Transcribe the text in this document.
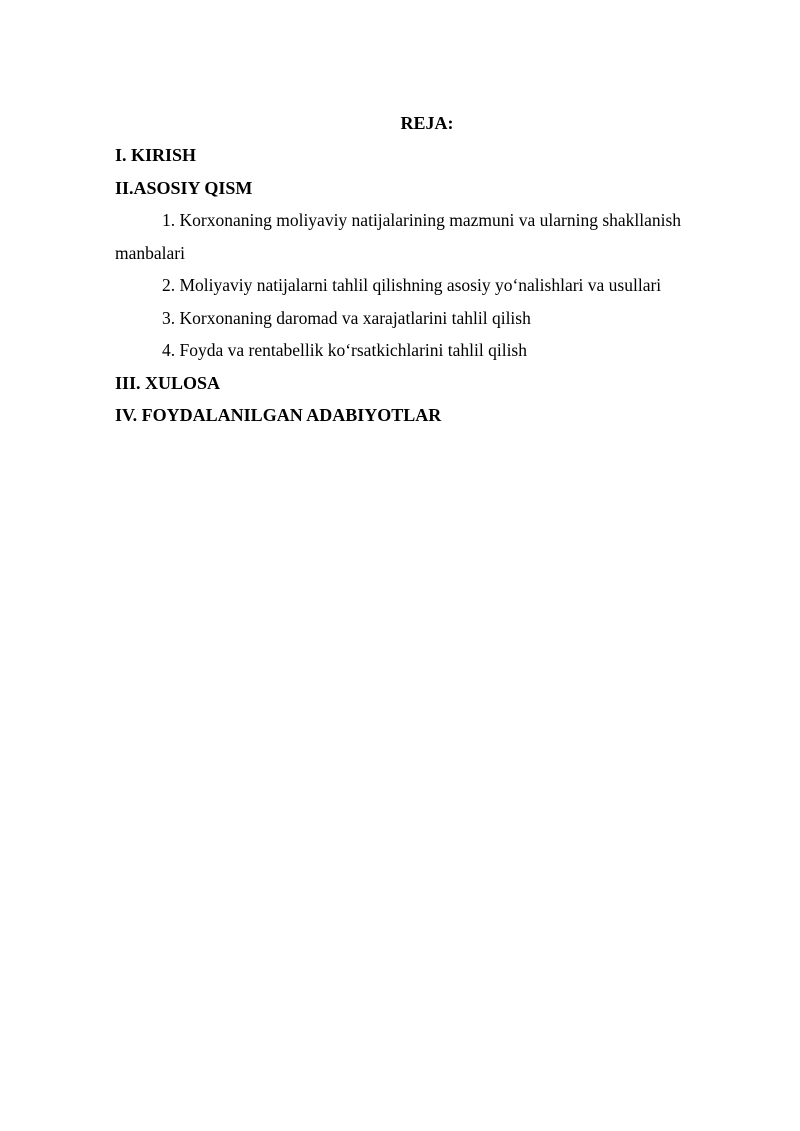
REJA:

I. KIRISH

II.ASOSIY QISM

1. Korxonaning moliyaviy natijalarining mazmuni va ularning shakllanish manbalari

2. Moliyaviy natijalarni tahlil qilishning asosiy yo‘nalishlari va usullari

3. Korxonaning daromad va xarajatlarini tahlil qilish

4. Foyda va rentabellik ko‘rsatkichlarini tahlil qilish

III. XULOSA

IV. FOYDALANILGAN ADABIYOTLAR
